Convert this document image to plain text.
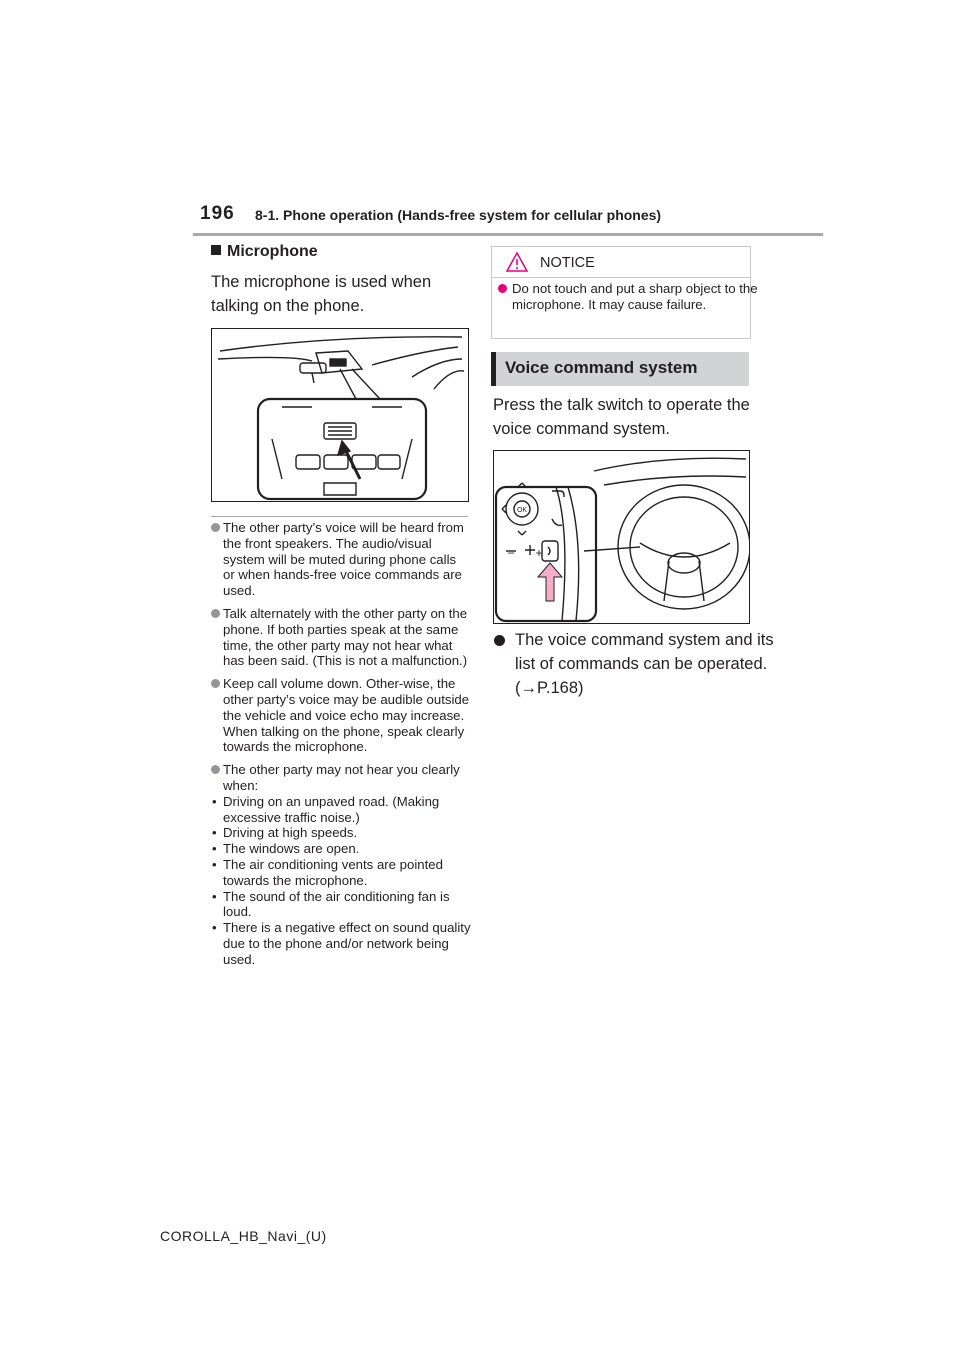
196 8-1. Phone operation (Hands-free system for cellular phones)
Microphone
The microphone is used when talking on the phone.
The other party’s voice will be heard from the front speakers. The audio/visual system will be muted during phone calls or when hands-free voice commands are used.
Talk alternately with the other party on the phone. If both parties speak at the same time, the other party may not hear what has been said. (This is not a malfunction.)
Keep call volume down. Other-wise, the other party’s voice may be audible outside the vehicle and voice echo may increase. When talking on the phone, speak clearly towards the microphone.
The other party may not hear you clearly when:
• Driving on an unpaved road. (Making excessive traffic noise.)
• Driving at high speeds.
• The windows are open.
• The air conditioning vents are pointed towards the microphone.
• The sound of the air conditioning fan is loud.
• There is a negative effect on sound quality due to the phone and/or network being used.
NOTICE
Do not touch and put a sharp object to the microphone. It may cause failure.
Voice command system
Press the talk switch to operate the voice command system.
OK
− +
The voice command system and its list of commands can be operated. (→P.168)
COROLLA_HB_Navi_(U)
